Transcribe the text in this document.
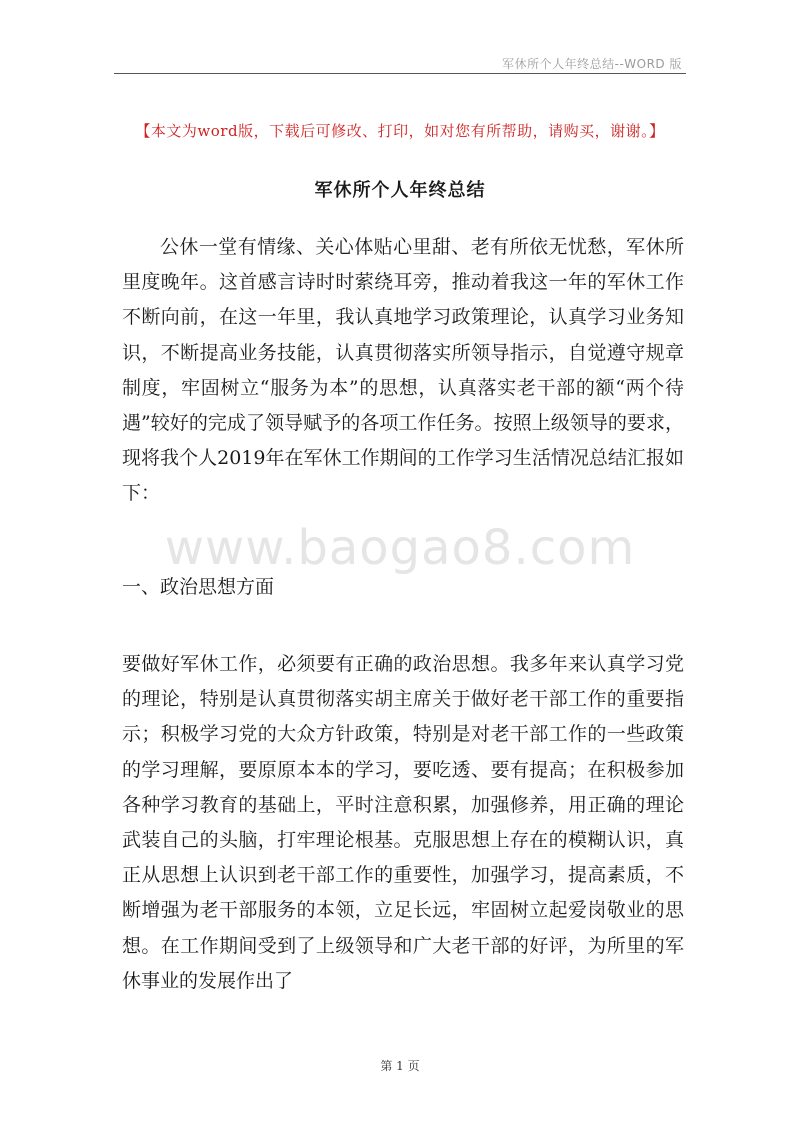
军休所个人年终总结--WORD 版
【本文为word版，下载后可修改、打印，如对您有所帮助，请购买，谢谢。】
军休所个人年终总结

公休一堂有情缘、关心体贴心里甜、老有所依无忧愁，军休所里度晚年。这首感言诗时时萦绕耳旁，推动着我这一年的军休工作不断向前，在这一年里，我认真地学习政策理论，认真学习业务知识，不断提高业务技能，认真贯彻落实所领导指示，自觉遵守规章制度，牢固树立“服务为本”的思想，认真落实老干部的额“两个待遇”较好的完成了领导赋予的各项工作任务。按照上级领导的要求，现将我个人2019年在军休工作期间的工作学习生活情况总结汇报如下：

www.baogao8.com
一、政治思想方面

要做好军休工作，必须要有正确的政治思想。我多年来认真学习党的理论，特别是认真贯彻落实胡主席关于做好老干部工作的重要指示；积极学习党的大众方针政策，特别是对老干部工作的一些政策的学习理解，要原原本本的学习，要吃透、要有提高；在积极参加各种学习教育的基础上，平时注意积累，加强修养，用正确的理论武装自己的头脑，打牢理论根基。克服思想上存在的模糊认识，真正从思想上认识到老干部工作的重要性，加强学习，提高素质，不断增强为老干部服务的本领，立足长远，牢固树立起爱岗敬业的思想。在工作期间受到了上级领导和广大老干部的好评，为所里的军休事业的发展作出了

第 1 页
